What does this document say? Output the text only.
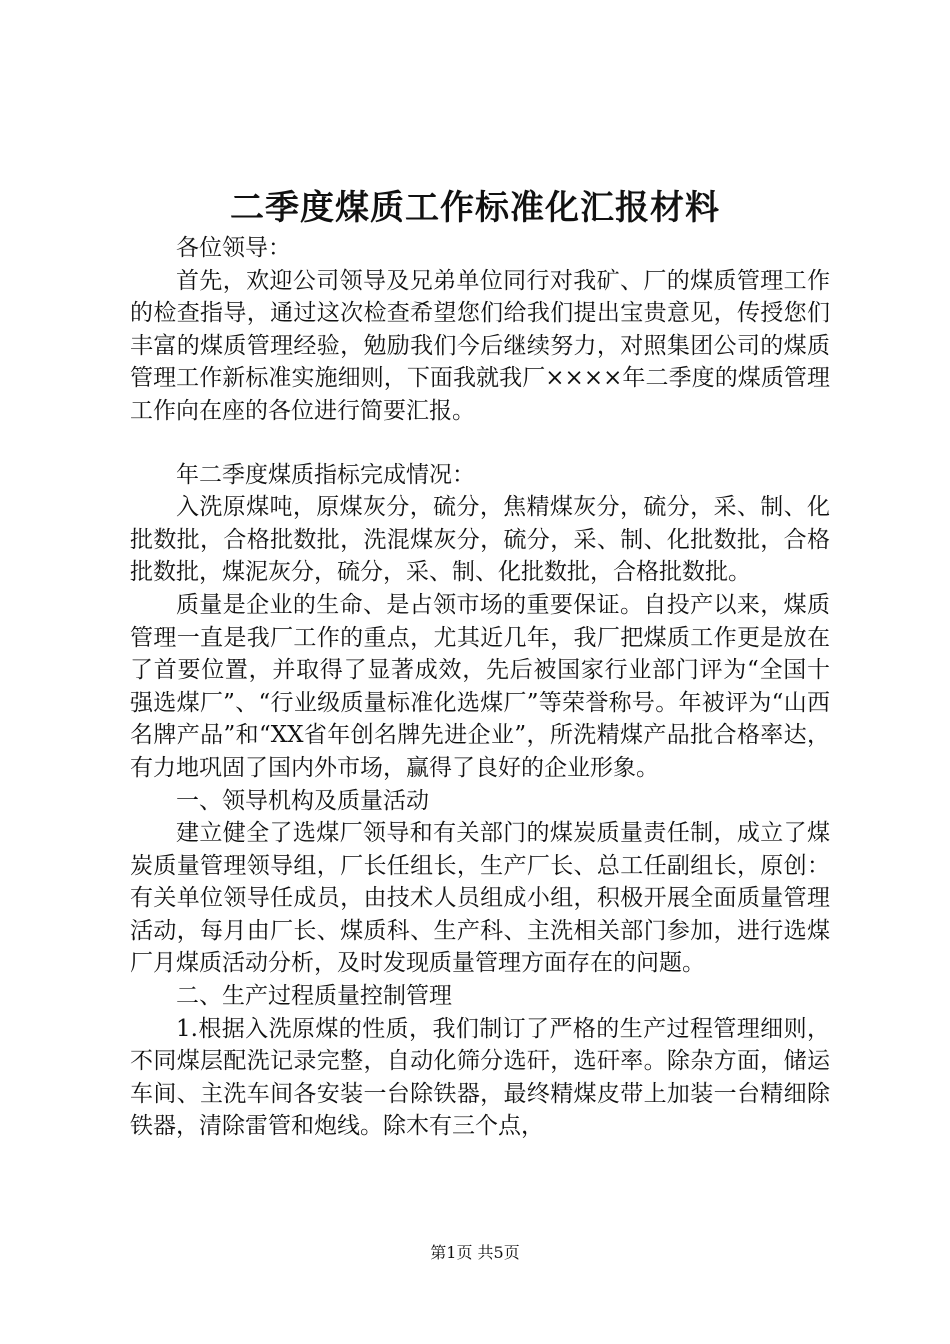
二季度煤质工作标准化汇报材料

各位领导：

首先，欢迎公司领导及兄弟单位同行对我矿、厂的煤质管理工作的检查指导，通过这次检查希望您们给我们提出宝贵意见，传授您们丰富的煤质管理经验，勉励我们今后继续努力，对照集团公司的煤质管理工作新标准实施细则，下面我就我厂××××年二季度的煤质管理工作向在座的各位进行简要汇报。

年二季度煤质指标完成情况：

入洗原煤吨，原煤灰分，硫分，焦精煤灰分，硫分，采、制、化批数批，合格批数批，洗混煤灰分，硫分，采、制、化批数批，合格批数批，煤泥灰分，硫分，采、制、化批数批，合格批数批。

质量是企业的生命、是占领市场的重要保证。自投产以来，煤质管理一直是我厂工作的重点，尤其近几年，我厂把煤质工作更是放在了首要位置，并取得了显著成效，先后被国家行业部门评为“全国十强选煤厂”、“行业级质量标准化选煤厂”等荣誉称号。年被评为“山西名牌产品”和“XX省年创名牌先进企业”，所洗精煤产品批合格率达，有力地巩固了国内外市场，赢得了良好的企业形象。

一、领导机构及质量活动

建立健全了选煤厂领导和有关部门的煤炭质量责任制，成立了煤炭质量管理领导组，厂长任组长，生产厂长、总工任副组长，原创：有关单位领导任成员，由技术人员组成小组，积极开展全面质量管理活动，每月由厂长、煤质科、生产科、主洗相关部门参加，进行选煤厂月煤质活动分析，及时发现质量管理方面存在的问题。

二、生产过程质量控制管理

1.根据入洗原煤的性质，我们制订了严格的生产过程管理细则，不同煤层配洗记录完整，自动化筛分选矸，选矸率。除杂方面，储运车间、主洗车间各安装一台除铁器，最终精煤皮带上加装一台精细除铁器，清除雷管和炮线。除木有三个点，

第1页 共5页
